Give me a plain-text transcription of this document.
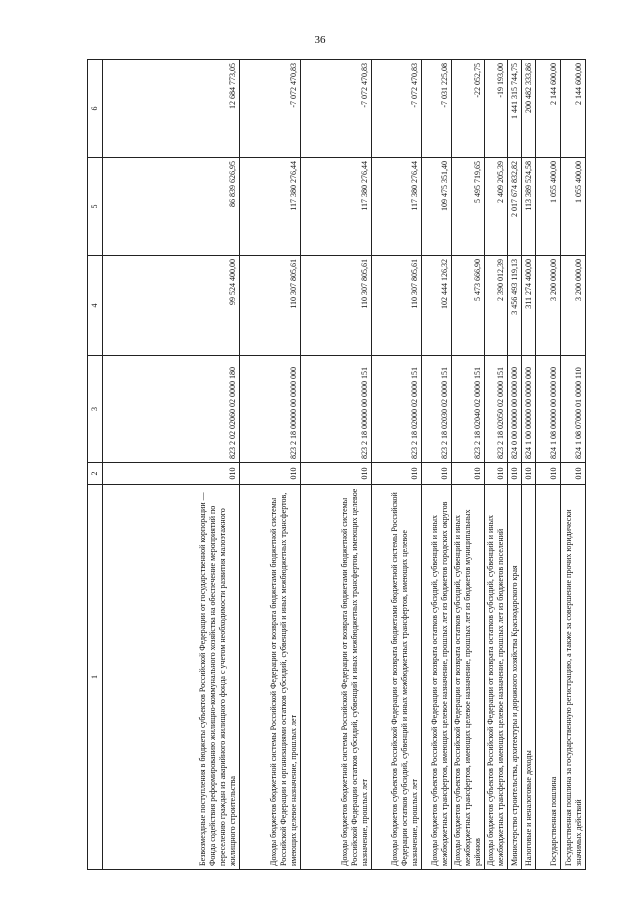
36
1	2	3	4	5	6
Безвозмездные поступления в бюджеты субъектов Российской Федерации от государственной корпорации — Фонда содействия реформированию жилищно-коммунального хозяйства на обеспечение мероприятий по переселению граждан из аварийного жилищного фонда с учетом необходимости развития малоэтажного жилищного строительства	010	823 2 02 02060 02 0000 180	99 524 400,00	86 839 626,95	12 684 773,05
Доходы бюджетов бюджетной системы Российской Федерации от возврата бюджетами бюджетной системы Российской Федерации и организациями остатков субсидий, субвенций и иных межбюджетных трансфертов, имеющих целевое назначение, прошлых лет	010	823 2 18 00000 00 0000 000	110 307 805,61	117 380 276,44	-7 072 470,83
Доходы бюджетов бюджетной системы Российской Федерации от возврата бюджетами бюджетной системы Российской Федерации остатков субсидий, субвенций и иных межбюджетных трансфертов, имеющих целевое назначение, прошлых лет	010	823 2 18 00000 00 0000 151	110 307 805,61	117 380 276,44	-7 072 470,83
Доходы бюджетов субъектов Российской Федерации от возврата бюджетами бюджетной системы Российской Федерации остатков субсидий, субвенций и иных межбюджетных трансфертов, имеющих целевое назначение, прошлых лет	010	823 2 18 02000 02 0000 151	110 307 805,61	117 380 276,44	-7 072 470,83
Доходы бюджетов субъектов Российской Федерации от возврата остатков субсидий, субвенций и иных межбюджетных трансфертов, имеющих целевое назначение, прошлых лет из бюджетов городских округов	010	823 2 18 02030 02 0000 151	102 444 126,32	109 475 351,40	-7 031 225,08
Доходы бюджетов субъектов Российской Федерации от возврата остатков субсидий, субвенций и иных межбюджетных трансфертов, имеющих целевое назначение, прошлых лет из бюджетов муниципальных районов	010	823 2 18 02040 02 0000 151	5 473 666,90	5 495 719,65	-22 052,75
Доходы бюджетов субъектов Российской Федерации от возврата остатков субсидий, субвенций и иных межбюджетных трансфертов, имеющих целевое назначение, прошлых лет из бюджетов поселений	010	823 2 18 02050 02 0000 151	2 390 012,39	2 409 205,39	-19 193,00
Министерство строительства, архитектуры и дорожного хозяйства Краснодарского края	010	824 0 00 00000 00 0000 000	3 456 493 119,13	2 017 674 832,82	1 441 315 744,75
Налоговые и неналоговые доходы	010	824 1 00 00000 00 0000 000	311 274 400,00	113 389 524,58	200 482 333,86
Государственная пошлина	010	824 1 08 00000 00 0000 000	3 200 000,00	1 055 400,00	2 144 600,00
Государственная пошлина за государственную регистрацию, а также за совершение прочих юридически значимых действий	010	824 1 08 07000 01 0000 110	3 200 000,00	1 055 400,00	2 144 600,00
